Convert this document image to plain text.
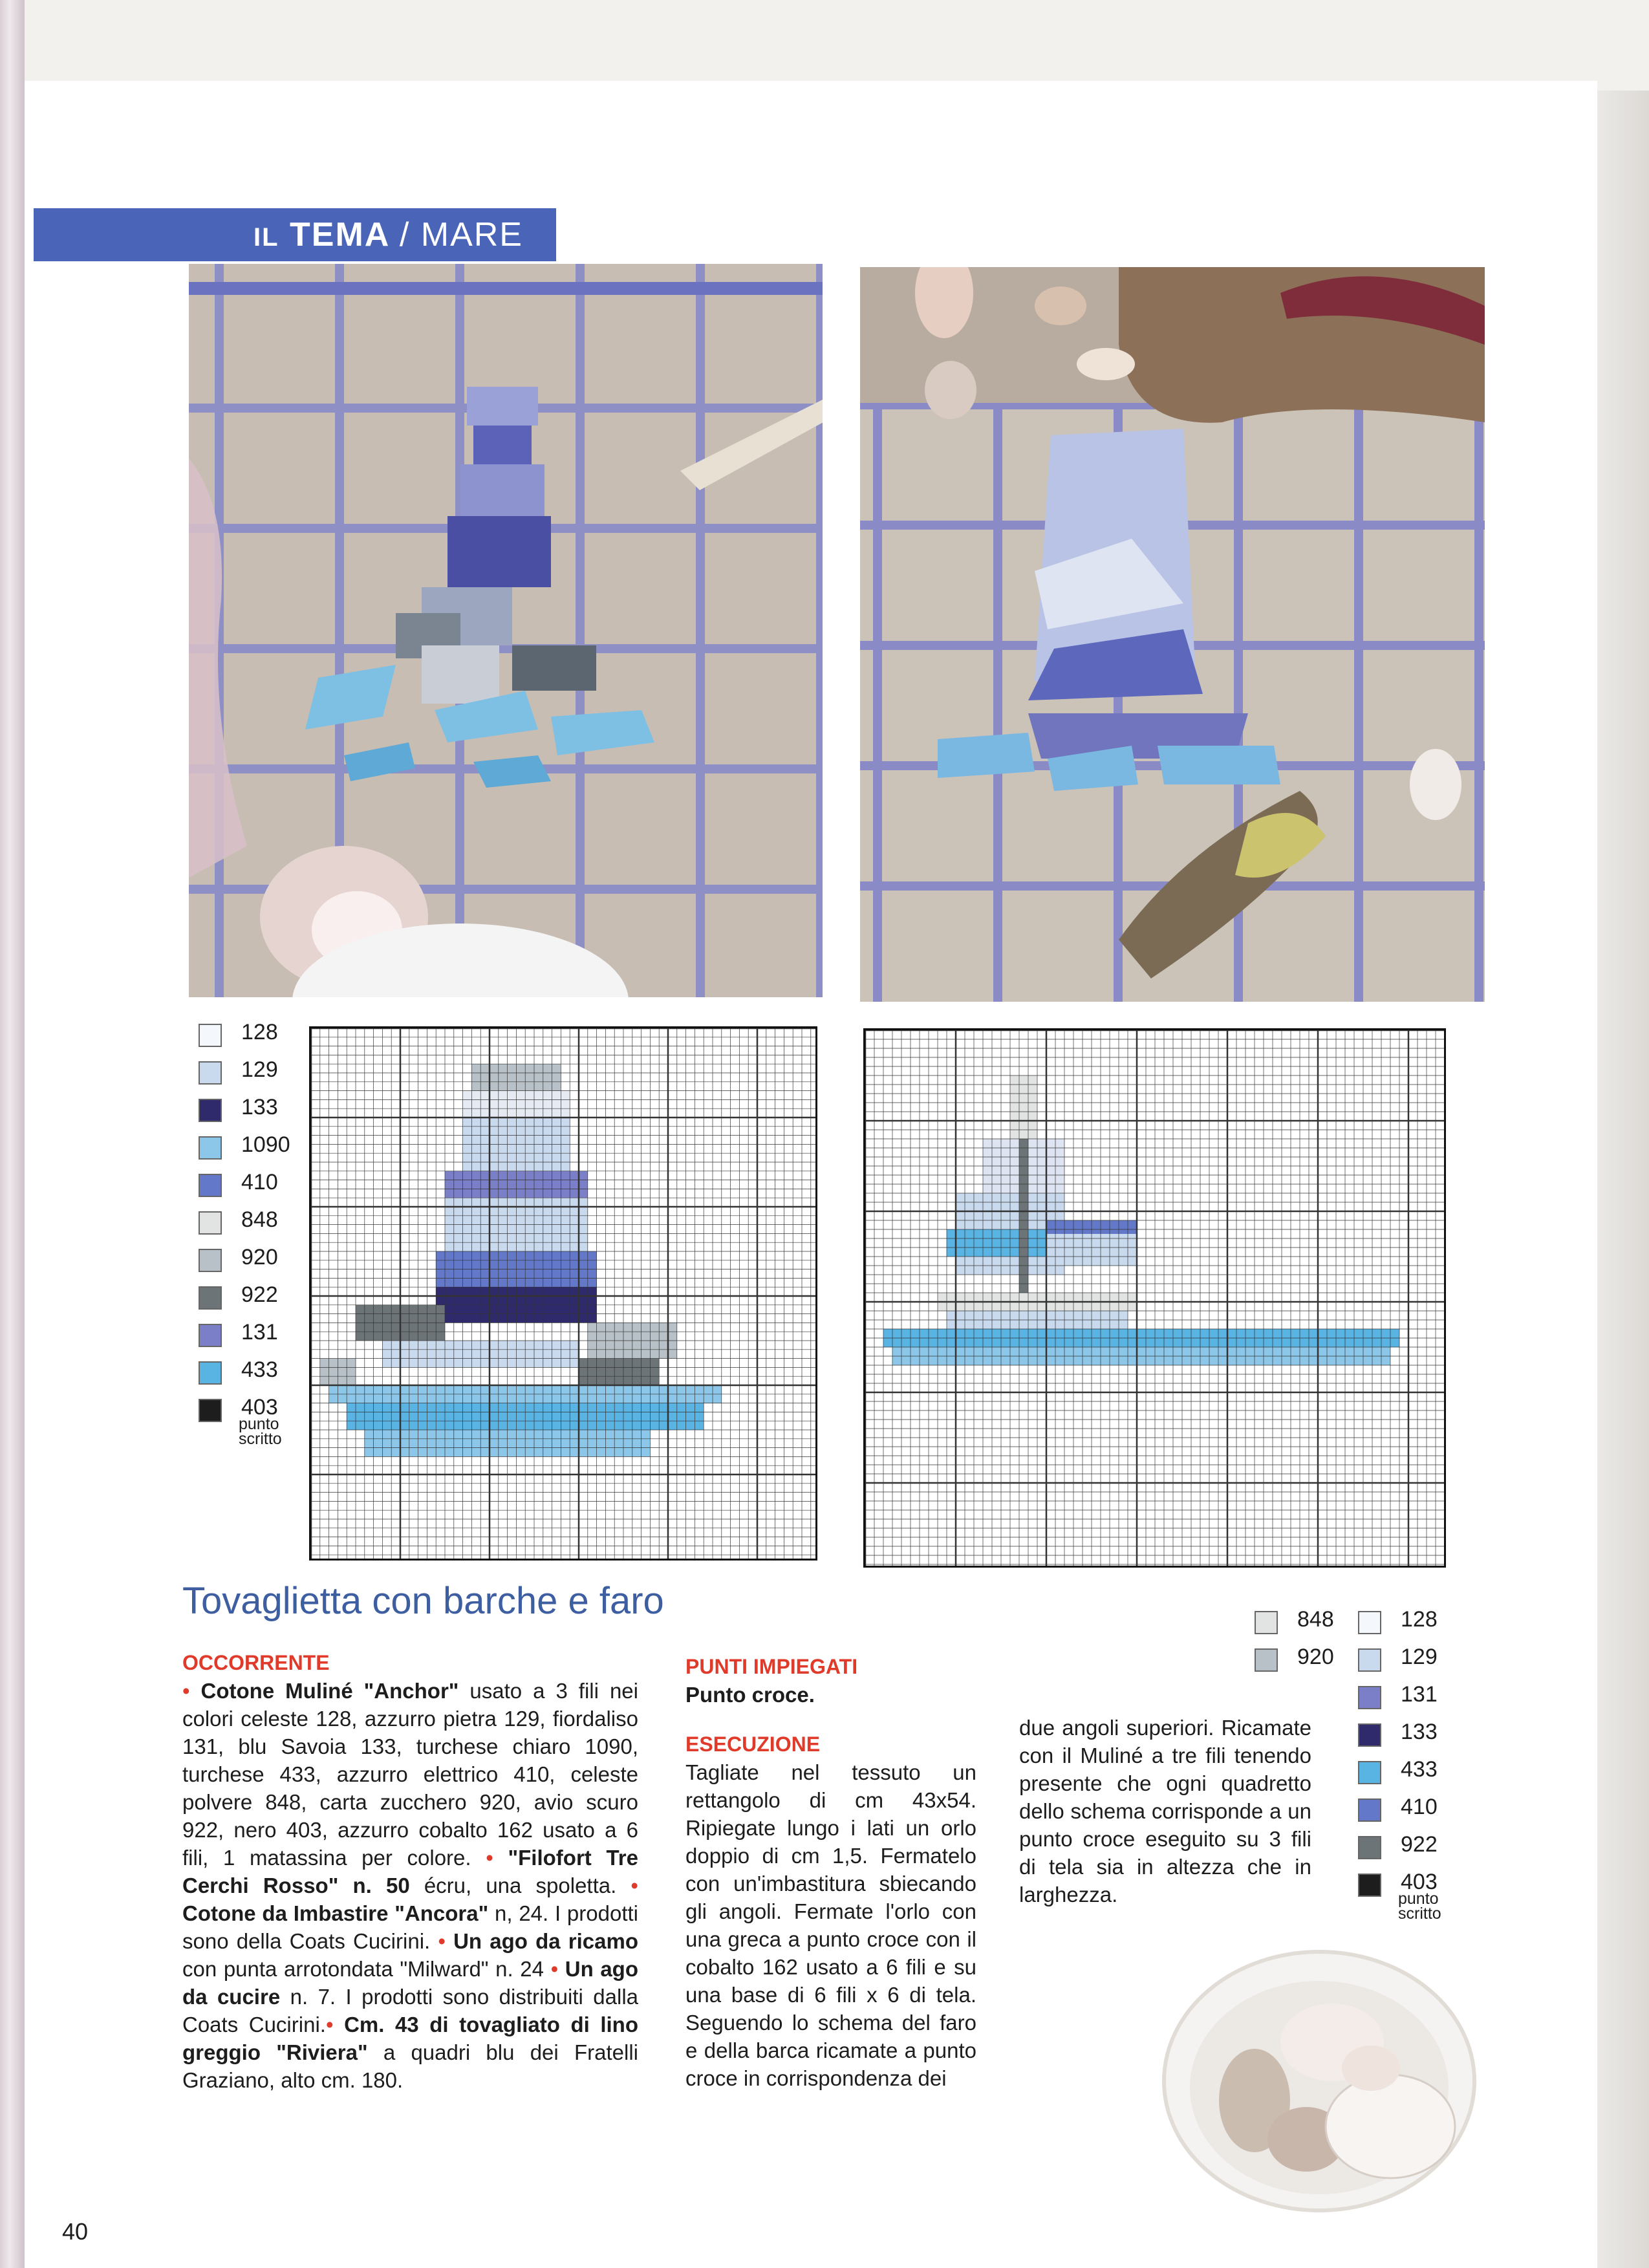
IL TEMA / MARE
128
129
133
1090
410
848
920
922
131
433
403
punto
scritto
Tovaglietta con barche e faro	848
920
128
129
131
133
433
410
922
403
punto
scritto

OCCORRENTE

• Cotone Muliné "Anchor" usato a 3 fili nei colori celeste 128, azzurro pietra 129, fiordaliso 131, blu Savoia 133, turchese chiaro 1090, turchese 433, azzurro elettrico 410, celeste polvere 848, carta zucchero 920, avio scuro 922, nero 403, azzurro cobalto 162 usato a 6 fili, 1 matassina per colore. • "Filofort Tre Cerchi Rosso" n. 50 écru, una spoletta. • Cotone da Imbastire "Ancora" n, 24. I prodotti sono della Coats Cucirini. • Un ago da ricamo con punta arrotondata "Milward" n. 24 • Un ago da cucire n. 7. I prodotti sono distribuiti dalla Coats Cucirini.• Cm. 43 di tovagliato di lino greggio "Riviera" a quadri blu dei Fratelli Graziano, alto cm. 180.

PUNTI IMPIEGATI

Punto croce.

ESECUZIONE

Tagliate nel tessuto un rettangolo di cm 43x54. Ripiegate lungo i lati un orlo doppio di cm 1,5. Fermatelo con un'imbastitura sbiecando gli angoli. Fermate l'orlo con una greca a punto croce con il cobalto 162 usato a 6 fili e su una base di 6 fili x 6 di tela. Seguendo lo schema del faro e della barca ricamate a punto croce in corrispondenza dei

due angoli superiori. Ricamate con il Muliné a tre fili tenendo presente che ogni quadretto dello schema corrisponde a un punto croce eseguito su 3 fili di tela sia in altezza che in larghezza.

40
